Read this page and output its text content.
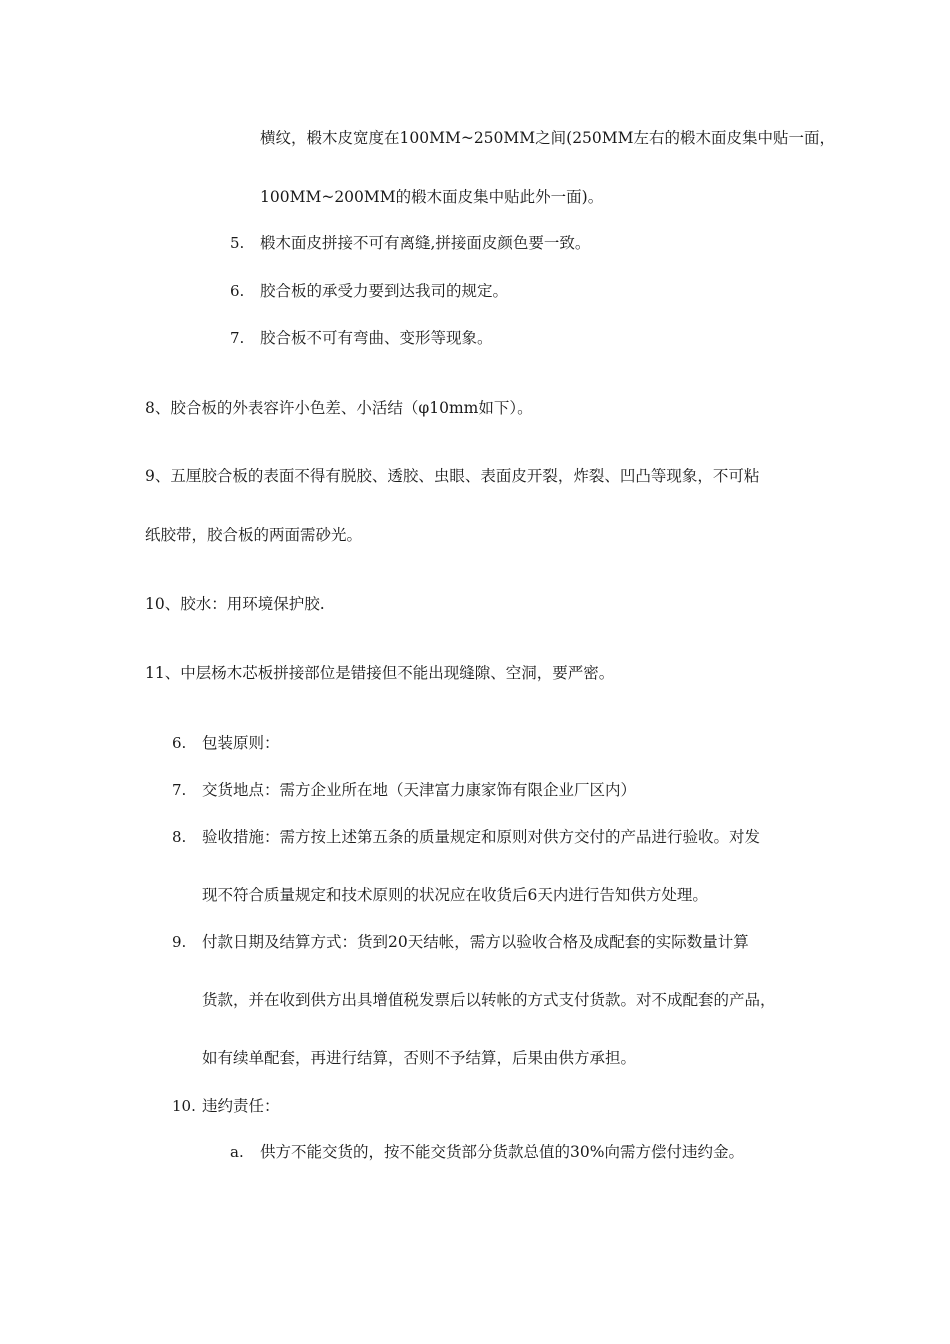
横纹，椴木皮宽度在100MM~250MM之间(250MM左右的椴木面皮集中贴一面，
100MM~200MM的椴木面皮集中贴此外一面)。
5. 椴木面皮拼接不可有离缝,拼接面皮颜色要一致。
6. 胶合板的承受力要到达我司的规定。
7. 胶合板不可有弯曲、变形等现象。
8、胶合板的外表容许小色差、小活结（φ10mm如下）。
9、五厘胶合板的表面不得有脱胶、透胶、虫眼、表面皮开裂，炸裂、凹凸等现象，不可粘
纸胶带，胶合板的两面需砂光。
10、胶水：用环境保护胶.
11、中层杨木芯板拼接部位是错接但不能出现缝隙、空洞，要严密。
6. 包装原则：
7. 交货地点：需方企业所在地（天津富力康家饰有限企业厂区内）
8. 验收措施：需方按上述第五条的质量规定和原则对供方交付的产品进行验收。对发
现不符合质量规定和技术原则的状况应在收货后6天内进行告知供方处理。
9. 付款日期及结算方式：货到20天结帐，需方以验收合格及成配套的实际数量计算
货款，并在收到供方出具增值税发票后以转帐的方式支付货款。对不成配套的产品，
如有续单配套，再进行结算，否则不予结算，后果由供方承担。
10. 违约责任：
a. 供方不能交货的，按不能交货部分货款总值的30%向需方偿付违约金。
